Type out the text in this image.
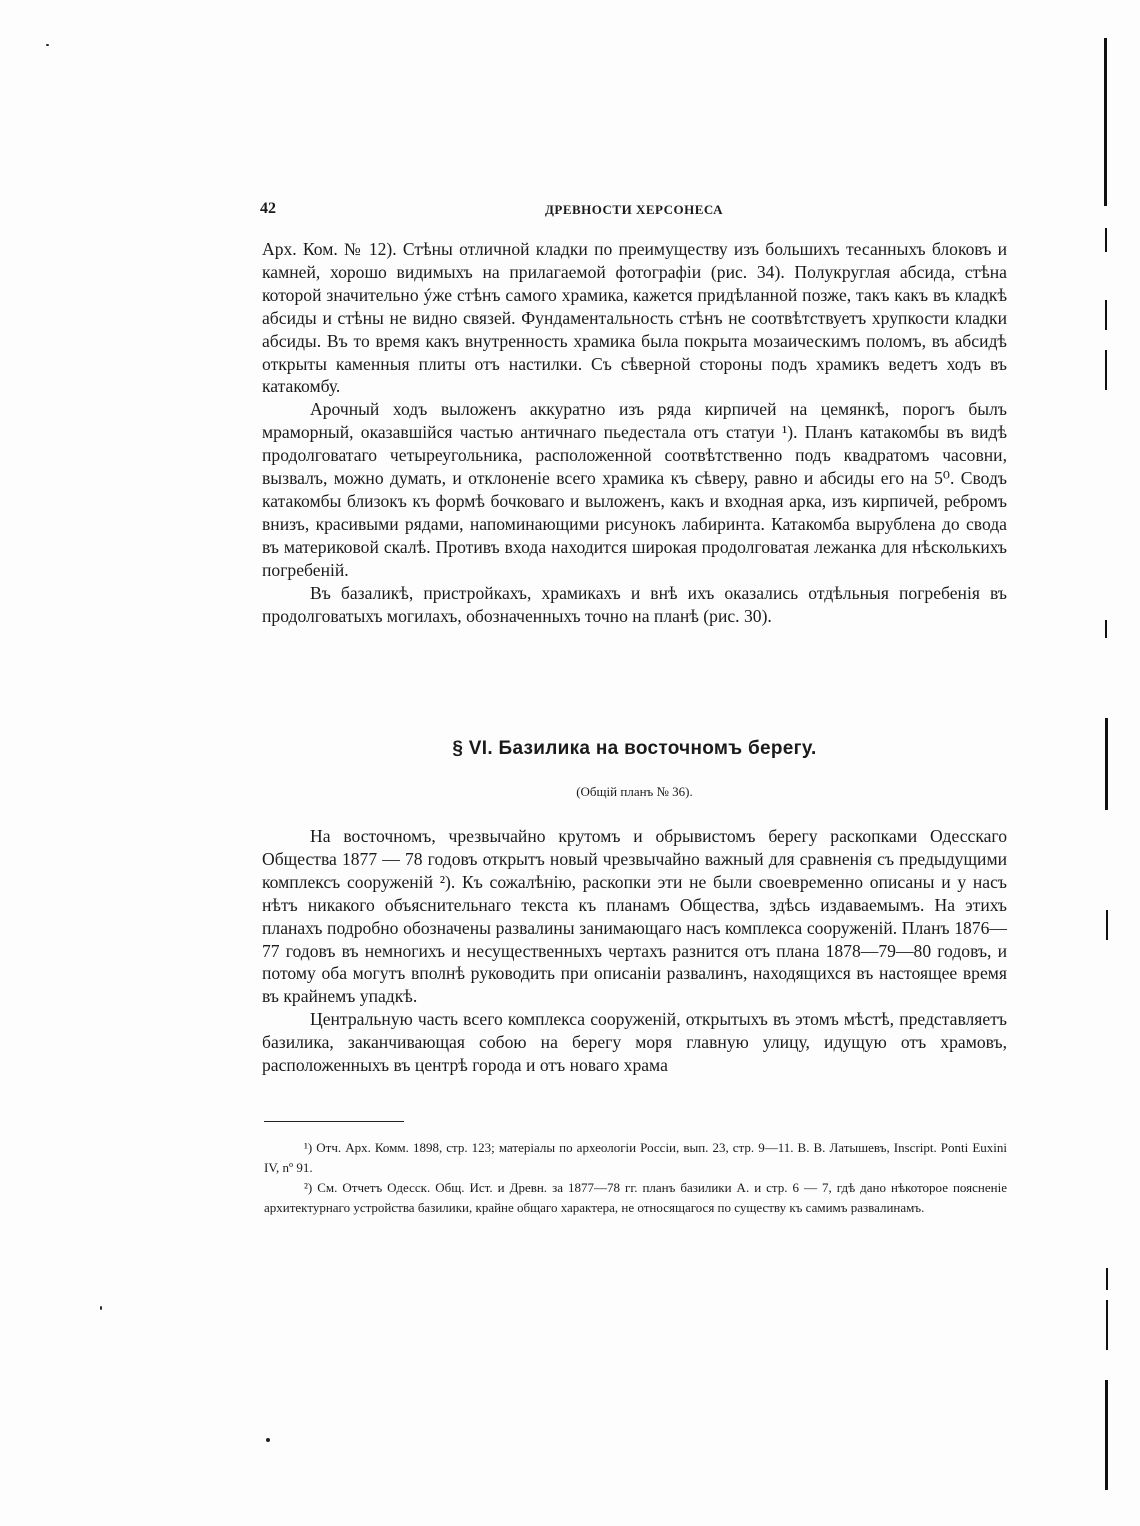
42	ДРЕВНОСТИ ХЕРСОНЕСА

Арх. Ком. № 12). Стѣны отличной кладки по преимуществу изъ большихъ тесанныхъ блоковъ и камней, хорошо видимыхъ на прилагаемой фотографіи (рис. 34). Полукруглая абсида, стѣна которой значительно ýже стѣнъ самого храмика, кажется придѣланной позже, такъ какъ въ кладкѣ абсиды и стѣны не видно связей. Фундаментальность стѣнъ не соотвѣтствуетъ хрупкости кладки абсиды. Въ то время какъ внутренность храмика была покрыта мозаическимъ поломъ, въ абсидѣ открыты каменныя плиты отъ настилки. Съ сѣверной стороны подъ храмикъ ведетъ ходъ въ катакомбу.

Арочный ходъ выложенъ аккуратно изъ ряда кирпичей на цемянкѣ, порогъ былъ мраморный, оказавшійся частью античнаго пьедестала отъ статуи ¹). Планъ катакомбы въ видѣ продолговатаго четыреугольника, расположенной соотвѣтственно подъ квадратомъ часовни, вызвалъ, можно думать, и отклоненіе всего храмика къ сѣверу, равно и абсиды его на 5⁰. Сводъ катакомбы близокъ къ формѣ бочковаго и выложенъ, какъ и входная арка, изъ кирпичей, ребромъ внизъ, красивыми рядами, напоминающими рисунокъ лабиринта. Катакомба вырублена до свода въ материковой скалѣ. Противъ входа находится широкая продолговатая лежанка для нѣсколькихъ погребеній.

Въ базаликѣ, пристройкахъ, храмикахъ и внѣ ихъ оказались отдѣльныя погребенія въ продолговатыхъ могилахъ, обозначенныхъ точно на планѣ (рис. 30).

§ VI. Базилика на восточномъ берегу.
(Общій планъ № 36).

На восточномъ, чрезвычайно крутомъ и обрывистомъ берегу раскопками Одесскаго Общества 1877 — 78 годовъ открытъ новый чрезвычайно важный для сравненія съ предыдущими комплексъ сооруженій ²). Къ сожалѣнію, раскопки эти не были своевременно описаны и у насъ нѣтъ никакого объяснительнаго текста къ планамъ Общества, здѣсь издаваемымъ. На этихъ планахъ подробно обозначены развалины занимающаго насъ комплекса сооруженій. Планъ 1876—77 годовъ въ немногихъ и несущественныхъ чертахъ разнится отъ плана 1878—79—80 годовъ, и потому оба могутъ вполнѣ руководить при описаніи развалинъ, находящихся въ настоящее время въ крайнемъ упадкѣ.

Центральную часть всего комплекса сооруженій, открытыхъ въ этомъ мѣстѣ, представляетъ базилика, заканчивающая собою на берегу моря главную улицу, идущую отъ храмовъ, расположенныхъ въ центрѣ города и отъ новаго храма

¹) Отч. Арх. Комм. 1898, стр. 123; матеріалы по археологіи Россіи, вып. 23, стр. 9—11. В. В. Латышевъ, Inscript. Ponti Euxini IV, nº 91.

²) См. Отчетъ Одесск. Общ. Ист. и Древн. за 1877—78 гг. планъ базилики А. и стр. 6 — 7, гдѣ дано нѣкоторое поясненіе архитектурнаго устройства базилики, крайне общаго характера, не относящагося по существу къ самимъ развалинамъ.
